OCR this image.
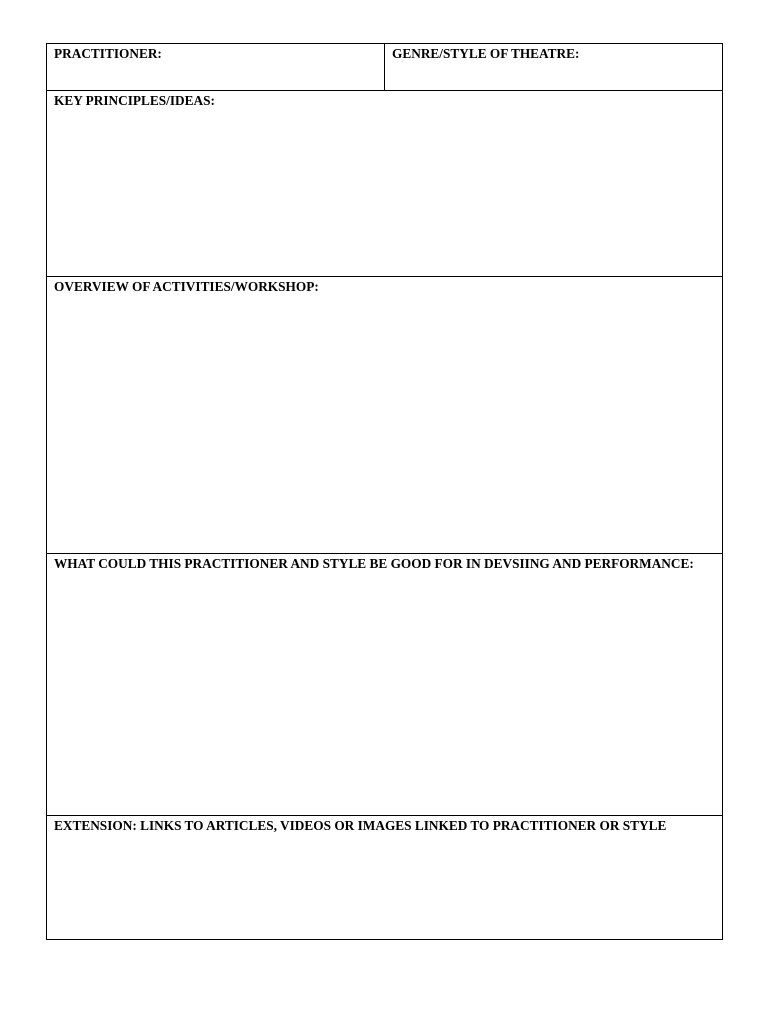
PRACTITIONER:	GENRE/STYLE OF THEATRE:
KEY PRINCIPLES/IDEAS:
OVERVIEW OF ACTIVITIES/WORKSHOP:
WHAT COULD THIS PRACTITIONER AND STYLE BE GOOD FOR IN DEVSIING AND PERFORMANCE:
EXTENSION: LINKS TO ARTICLES, VIDEOS OR IMAGES LINKED TO PRACTITIONER OR STYLE
